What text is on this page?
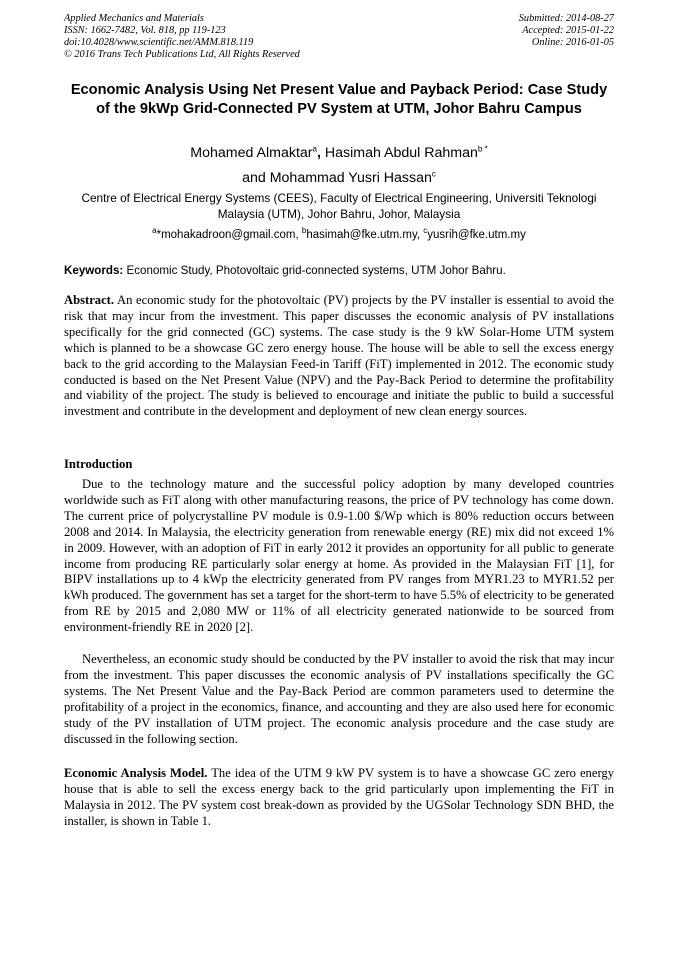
Applied Mechanics and Materials
ISSN: 1662-7482, Vol. 818, pp 119-123
doi:10.4028/www.scientific.net/AMM.818.119
© 2016 Trans Tech Publications Ltd, All Rights Reserved
Submitted: 2014-08-27
Accepted: 2015-01-22
Online: 2016-01-05
Economic Analysis Using Net Present Value and Payback Period: Case Study of the 9kWp Grid-Connected PV System at UTM, Johor Bahru Campus
Mohamed Almaktar$^a$, Hasimah Abdul Rahman$^{b *}$
and Mohammad Yusri Hassan$^c$
Centre of Electrical Energy Systems (CEES), Faculty of Electrical Engineering, Universiti Teknologi Malaysia (UTM), Johor Bahru, Johor, Malaysia
$^a$*mohakadroon@gmail.com, $^b$hasimah@fke.utm.my, $^c$yusrih@fke.utm.my
Keywords: Economic Study, Photovoltaic grid-connected systems, UTM Johor Bahru.
Abstract. An economic study for the photovoltaic (PV) projects by the PV installer is essential to avoid the risk that may incur from the investment. This paper discusses the economic analysis of PV installations specifically for the grid connected (GC) systems. The case study is the 9 kW Solar-Home UTM system which is planned to be a showcase GC zero energy house. The house will be able to sell the excess energy back to the grid according to the Malaysian Feed-in Tariff (FiT) implemented in 2012. The economic study conducted is based on the Net Present Value (NPV) and the Pay-Back Period to determine the profitability and viability of the project. The study is believed to encourage and initiate the public to build a successful investment and contribute in the development and deployment of new clean energy sources.
Introduction
Due to the technology mature and the successful policy adoption by many developed countries worldwide such as FiT along with other manufacturing reasons, the price of PV technology has come down. The current price of polycrystalline PV module is 0.9-1.00 $/Wp which is 80% reduction occurs between 2008 and 2014. In Malaysia, the electricity generation from renewable energy (RE) mix did not exceed 1% in 2009. However, with an adoption of FiT in early 2012 it provides an opportunity for all public to generate income from producing RE particularly solar energy at home. As provided in the Malaysian FiT [1], for BIPV installations up to 4 kWp the electricity generated from PV ranges from MYR1.23 to MYR1.52 per kWh produced. The government has set a target for the short-term to have 5.5% of electricity to be generated from RE by 2015 and 2,080 MW or 11% of all electricity generated nationwide to be sourced from environment-friendly RE in 2020 [2].
Nevertheless, an economic study should be conducted by the PV installer to avoid the risk that may incur from the investment. This paper discusses the economic analysis of PV installations specifically the GC systems. The Net Present Value and the Pay-Back Period are common parameters used to determine the profitability of a project in the economics, finance, and accounting and they are also used here for economic study of the PV installation of UTM project. The economic analysis procedure and the case study are discussed in the following section.
Economic Analysis Model. The idea of the UTM 9 kW PV system is to have a showcase GC zero energy house that is able to sell the excess energy back to the grid particularly upon implementing the FiT in Malaysia in 2012. The PV system cost break-down as provided by the UGSolar Technology SDN BHD, the installer, is shown in Table 1.
